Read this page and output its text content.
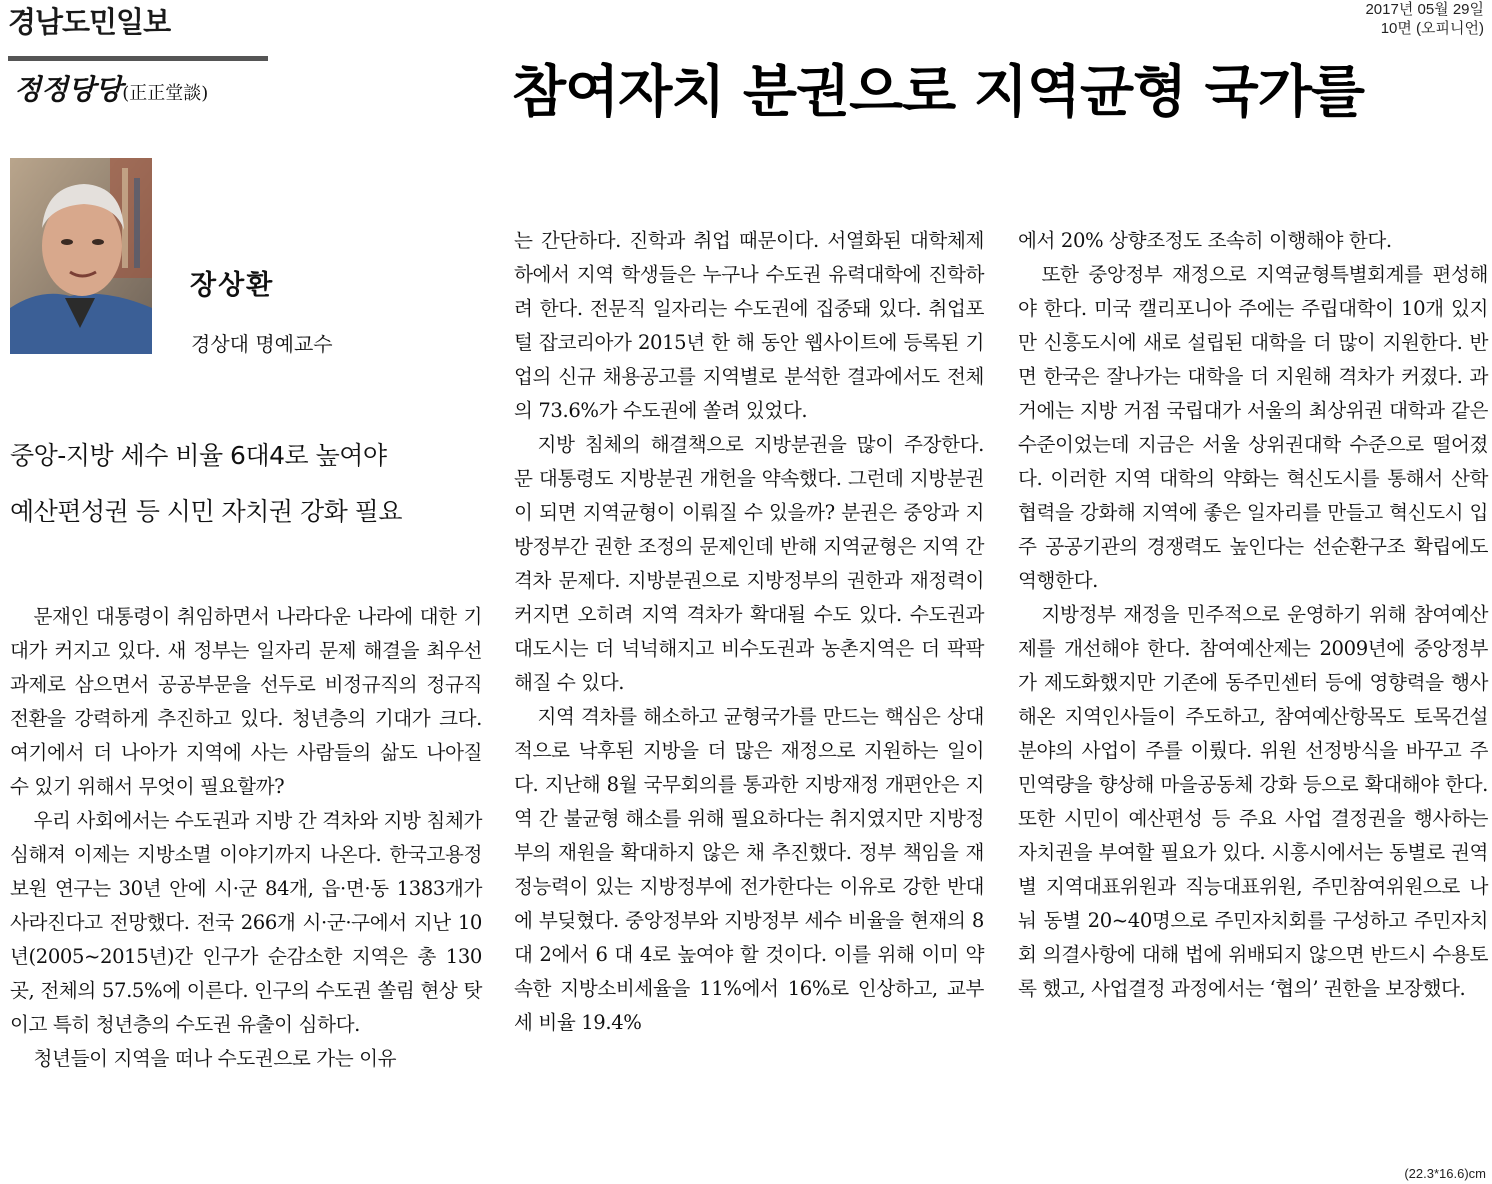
경남도민일보	2017년 05월 29일
10면 (오피니언)
정정당당(正正堂談)	참여자치 분권으로 지역균형 국가를
장상환
경상대 명예교수
중앙-지방 세수 비율 6대4로 높여야
예산편성권 등 시민 자치권 강화 필요

문재인 대통령이 취임하면서 나라다운 나라에 대한 기대가 커지고 있다. 새 정부는 일자리 문제 해결을 최우선 과제로 삼으면서 공공부문을 선두로 비정규직의 정규직 전환을 강력하게 추진하고 있다. 청년층의 기대가 크다. 여기에서 더 나아가 지역에 사는 사람들의 삶도 나아질 수 있기 위해서 무엇이 필요할까?

우리 사회에서는 수도권과 지방 간 격차와 지방 침체가 심해져 이제는 지방소멸 이야기까지 나온다. 한국고용정보원 연구는 30년 안에 시·군 84개, 읍·면·동 1383개가 사라진다고 전망했다. 전국 266개 시·군·구에서 지난 10년(2005~2015년)간 인구가 순감소한 지역은 총 130곳, 전체의 57.5%에 이른다. 인구의 수도권 쏠림 현상 탓이고 특히 청년층의 수도권 유출이 심하다.

청년들이 지역을 떠나 수도권으로 가는 이유

는 간단하다. 진학과 취업 때문이다. 서열화된 대학체제하에서 지역 학생들은 누구나 수도권 유력대학에 진학하려 한다. 전문직 일자리는 수도권에 집중돼 있다. 취업포털 잡코리아가 2015년 한 해 동안 웹사이트에 등록된 기업의 신규 채용공고를 지역별로 분석한 결과에서도 전체의 73.6%가 수도권에 쏠려 있었다.

지방 침체의 해결책으로 지방분권을 많이 주장한다. 문 대통령도 지방분권 개헌을 약속했다. 그런데 지방분권이 되면 지역균형이 이뤄질 수 있을까? 분권은 중앙과 지방정부간 권한 조정의 문제인데 반해 지역균형은 지역 간 격차 문제다. 지방분권으로 지방정부의 권한과 재정력이 커지면 오히려 지역 격차가 확대될 수도 있다. 수도권과 대도시는 더 넉넉해지고 비수도권과 농촌지역은 더 팍팍해질 수 있다.

지역 격차를 해소하고 균형국가를 만드는 핵심은 상대적으로 낙후된 지방을 더 많은 재정으로 지원하는 일이다. 지난해 8월 국무회의를 통과한 지방재정 개편안은 지역 간 불균형 해소를 위해 필요하다는 취지였지만 지방정부의 재원을 확대하지 않은 채 추진했다. 정부 책임을 재정능력이 있는 지방정부에 전가한다는 이유로 강한 반대에 부딪혔다. 중앙정부와 지방정부 세수 비율을 현재의 8 대 2에서 6 대 4로 높여야 할 것이다. 이를 위해 이미 약속한 지방소비세율을 11%에서 16%로 인상하고, 교부세 비율 19.4%

에서 20% 상향조정도 조속히 이행해야 한다.

또한 중앙정부 재정으로 지역균형특별회계를 편성해야 한다. 미국 캘리포니아 주에는 주립대학이 10개 있지만 신흥도시에 새로 설립된 대학을 더 많이 지원한다. 반면 한국은 잘나가는 대학을 더 지원해 격차가 커졌다. 과거에는 지방 거점 국립대가 서울의 최상위권 대학과 같은 수준이었는데 지금은 서울 상위권대학 수준으로 떨어졌다. 이러한 지역 대학의 약화는 혁신도시를 통해서 산학협력을 강화해 지역에 좋은 일자리를 만들고 혁신도시 입주 공공기관의 경쟁력도 높인다는 선순환구조 확립에도 역행한다.

지방정부 재정을 민주적으로 운영하기 위해 참여예산제를 개선해야 한다. 참여예산제는 2009년에 중앙정부가 제도화했지만 기존에 동주민센터 등에 영향력을 행사해온 지역인사들이 주도하고, 참여예산항목도 토목건설 분야의 사업이 주를 이뤘다. 위원 선정방식을 바꾸고 주민역량을 향상해 마을공동체 강화 등으로 확대해야 한다. 또한 시민이 예산편성 등 주요 사업 결정권을 행사하는 자치권을 부여할 필요가 있다. 시흥시에서는 동별로 권역별 지역대표위원과 직능대표위원, 주민참여위원으로 나눠 동별 20~40명으로 주민자치회를 구성하고 주민자치회 의결사항에 대해 법에 위배되지 않으면 반드시 수용토록 했고, 사업결정 과정에서는 ‘협의’ 권한을 보장했다.

(22.3*16.6)cm
